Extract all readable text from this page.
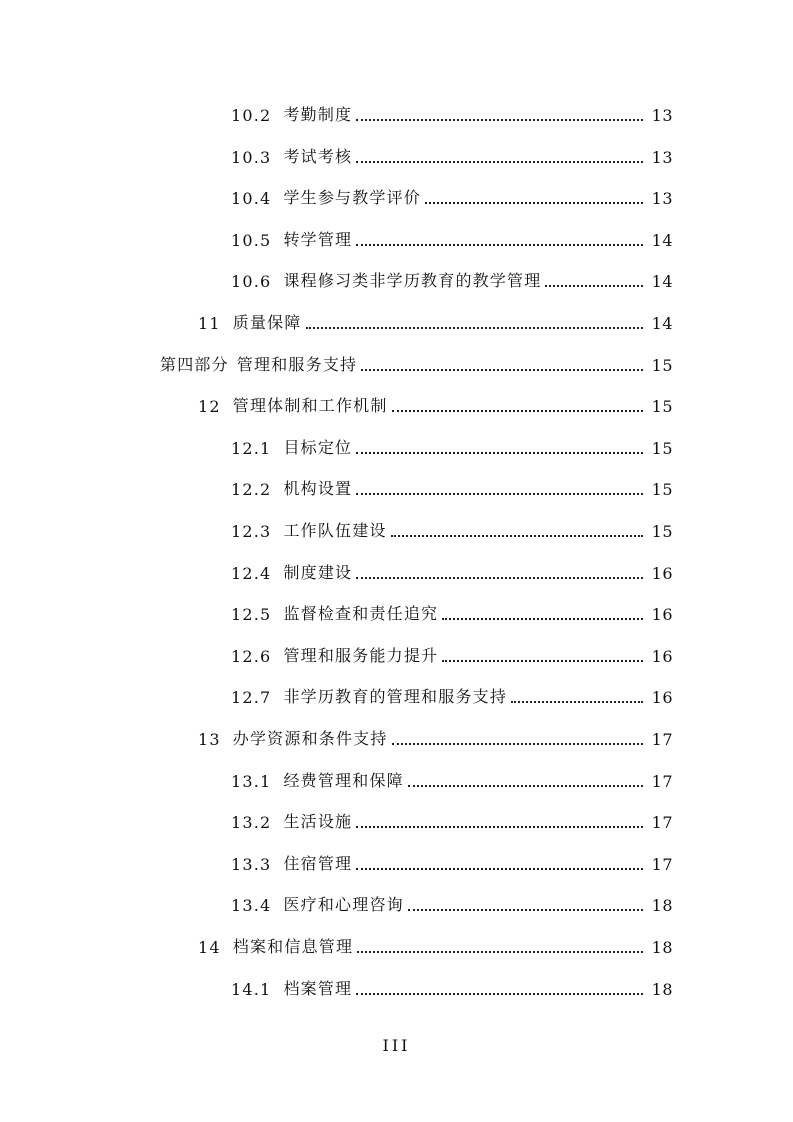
10.2 考勤制度	13
10.3 考试考核	13
10.4 学生参与教学评价	13
10.5 转学管理	14
10.6 课程修习类非学历教育的教学管理	14
11 质量保障	14
第四部分 管理和服务支持	15
12 管理体制和工作机制	15
12.1 目标定位	15
12.2 机构设置	15
12.3 工作队伍建设	15
12.4 制度建设	16
12.5 监督检查和责任追究	16
12.6 管理和服务能力提升	16
12.7 非学历教育的管理和服务支持	16
13 办学资源和条件支持	17
13.1 经费管理和保障	17
13.2 生活设施	17
13.3 住宿管理	17
13.4 医疗和心理咨询	18
14 档案和信息管理	18
14.1 档案管理	18
III
